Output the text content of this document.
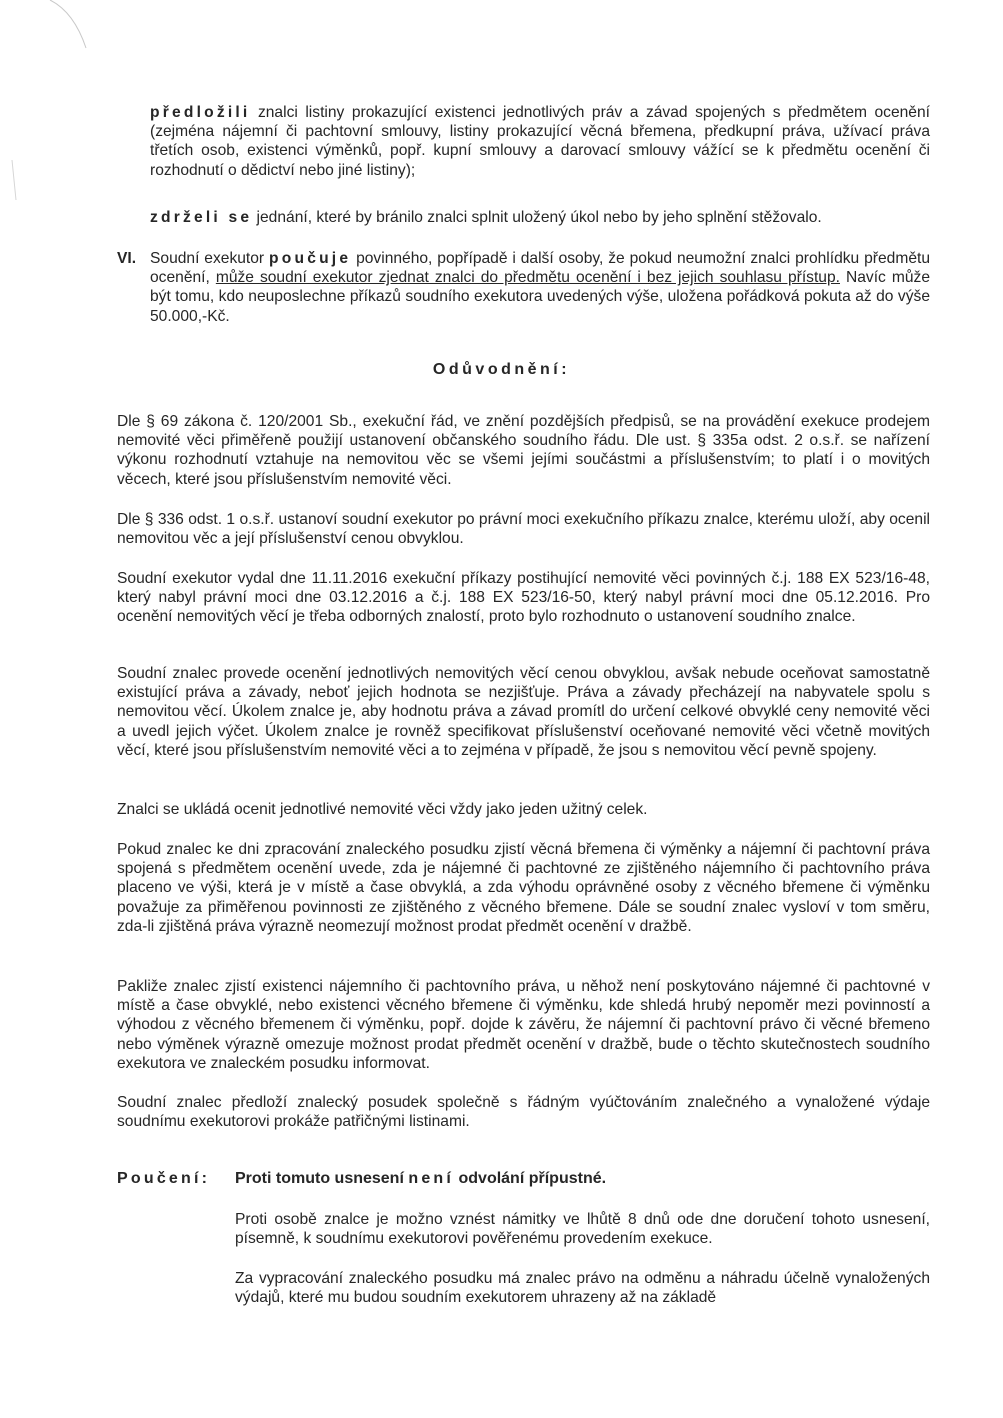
předložili znalci listiny prokazující existenci jednotlivých práv a závad spojených s předmětem ocenění (zejména nájemní či pachtovní smlouvy, listiny prokazující věcná břemena, předkupní práva, užívací práva třetích osob, existenci výměnků, popř. kupní smlouvy a darovací smlouvy vážící se k předmětu ocenění či rozhodnutí o dědictví nebo jiné listiny);

zdrželi se jednání, které by bránilo znalci splnit uložený úkol nebo by jeho splnění stěžovalo.

VI. Soudní exekutor poučuje povinného, popřípadě i další osoby, že pokud neumožní znalci prohlídku předmětu ocenění, může soudní exekutor zjednat znalci do předmětu ocenění i bez jejich souhlasu přístup. Navíc může být tomu, kdo neuposlechne příkazů soudního exekutora uvedených výše, uložena pořádková pokuta až do výše 50.000,-Kč.

Odůvodnění:

Dle § 69 zákona č. 120/2001 Sb., exekuční řád, ve znění pozdějších předpisů, se na provádění exekuce prodejem nemovité věci přiměřeně použijí ustanovení občanského soudního řádu. Dle ust. § 335a odst. 2 o.s.ř. se nařízení výkonu rozhodnutí vztahuje na nemovitou věc se všemi jejími součástmi a příslušenstvím; to platí i o movitých věcech, které jsou příslušenstvím nemovité věci.

Dle § 336 odst. 1 o.s.ř. ustanoví soudní exekutor po právní moci exekučního příkazu znalce, kterému uloží, aby ocenil nemovitou věc a její příslušenství cenou obvyklou.

Soudní exekutor vydal dne 11.11.2016 exekuční příkazy postihující nemovité věci povinných č.j. 188 EX 523/16-48, který nabyl právní moci dne 03.12.2016 a č.j. 188 EX 523/16-50, který nabyl právní moci dne 05.12.2016. Pro ocenění nemovitých věcí je třeba odborných znalostí, proto bylo rozhodnuto o ustanovení soudního znalce.

Soudní znalec provede ocenění jednotlivých nemovitých věcí cenou obvyklou, avšak nebude oceňovat samostatně existující práva a závady, neboť jejich hodnota se nezjišťuje. Práva a závady přecházejí na nabyvatele spolu s nemovitou věcí. Úkolem znalce je, aby hodnotu práva a závad promítl do určení celkové obvyklé ceny nemovité věci a uvedl jejich výčet. Úkolem znalce je rovněž specifikovat příslušenství oceňované nemovité věci včetně movitých věcí, které jsou příslušenstvím nemovité věci a to zejména v případě, že jsou s nemovitou věcí pevně spojeny.

Znalci se ukládá ocenit jednotlivé nemovité věci vždy jako jeden užitný celek.

Pokud znalec ke dni zpracování znaleckého posudku zjistí věcná břemena či výměnky a nájemní či pachtovní práva spojená s předmětem ocenění uvede, zda je nájemné či pachtovné ze zjištěného nájemního či pachtovního práva placeno ve výši, která je v místě a čase obvyklá, a zda výhodu oprávněné osoby z věcného břemene či výměnku považuje za přiměřenou povinnosti ze zjištěného z věcného břemene. Dále se soudní znalec vysloví v tom směru, zda-li zjištěná práva výrazně neomezují možnost prodat předmět ocenění v dražbě.

Pakliže znalec zjistí existenci nájemního či pachtovního práva, u něhož není poskytováno nájemné či pachtovné v místě a čase obvyklé, nebo existenci věcného břemene či výměnku, kde shledá hrubý nepoměr mezi povinností a výhodou z věcného břemenem či výměnku, popř. dojde k závěru, že nájemní či pachtovní právo či věcné břemeno nebo výměnek výrazně omezuje možnost prodat předmět ocenění v dražbě, bude o těchto skutečnostech soudního exekutora ve znaleckém posudku informovat.

Soudní znalec předloží znalecký posudek společně s řádným vyúčtováním znalečného a vynaložené výdaje soudnímu exekutorovi prokáže patřičnými listinami.

Poučení: Proti tomuto usnesení není odvolání přípustné.

Proti osobě znalce je možno vznést námitky ve lhůtě 8 dnů ode dne doručení tohoto usnesení, písemně, k soudnímu exekutorovi pověřenému provedením exekuce.

Za vypracování znaleckého posudku má znalec právo na odměnu a náhradu účelně vynaložených výdajů, které mu budou soudním exekutorem uhrazeny až na základě
